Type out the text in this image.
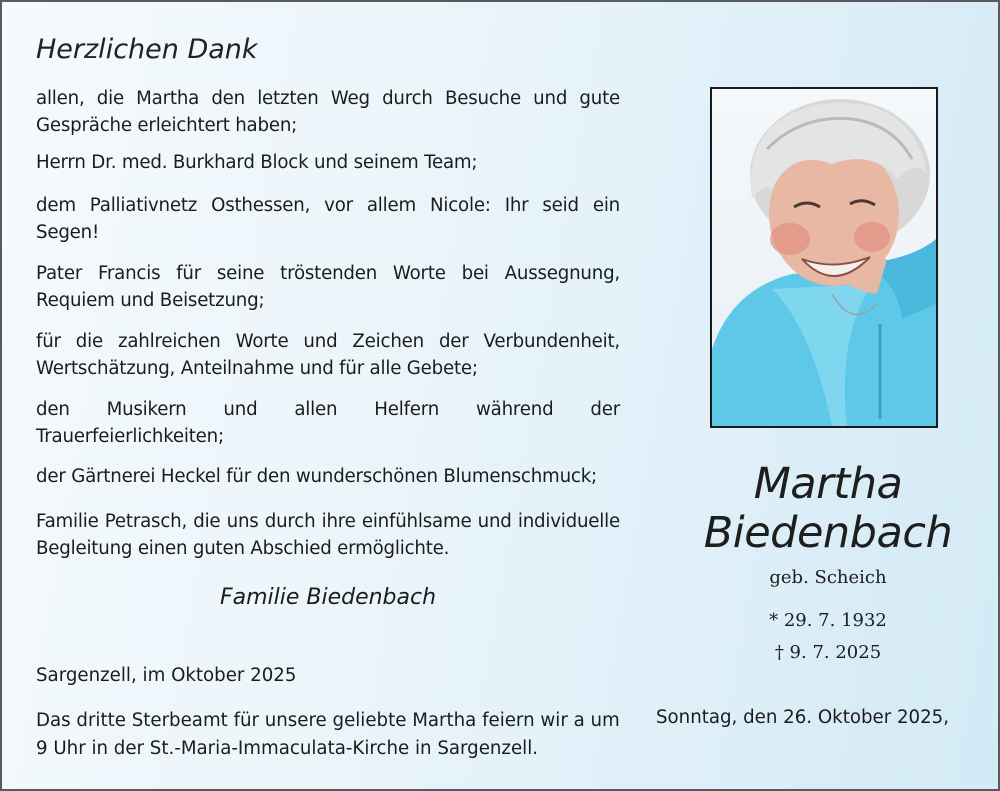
Herzlichen Dank
allen, die Martha den letzten Weg durch Besuche und gute Gespräche erleichtert haben;
Herrn Dr. med. Burkhard Block und seinem Team;
dem Palliativnetz Osthessen, vor allem Nicole: Ihr seid ein Segen!
Pater Francis für seine tröstenden Worte bei Aussegnung, Requiem und Beisetzung;
für die zahlreichen Worte und Zeichen der Verbundenheit, Wertschätzung, Anteilnahme und für alle Gebete;
den Musikern und allen Helfern während der Trauerfeierlichkeiten;
der Gärtnerei Heckel für den wunderschönen Blumenschmuck;
Familie Petrasch, die uns durch ihre einfühlsame und individuelle Begleitung einen guten Abschied ermöglichte.
Familie Biedenbach
Sargenzell, im Oktober 2025
Das dritte Sterbeamt für unsere geliebte Martha feiern wir a um 9 Uhr in der St.-Maria-Immaculata-Kirche in Sargenzell.
Sonntag, den 26. Oktober 2025,
Martha
Biedenbach
geb. Scheich
* 29. 7. 1932
† 9. 7. 2025
